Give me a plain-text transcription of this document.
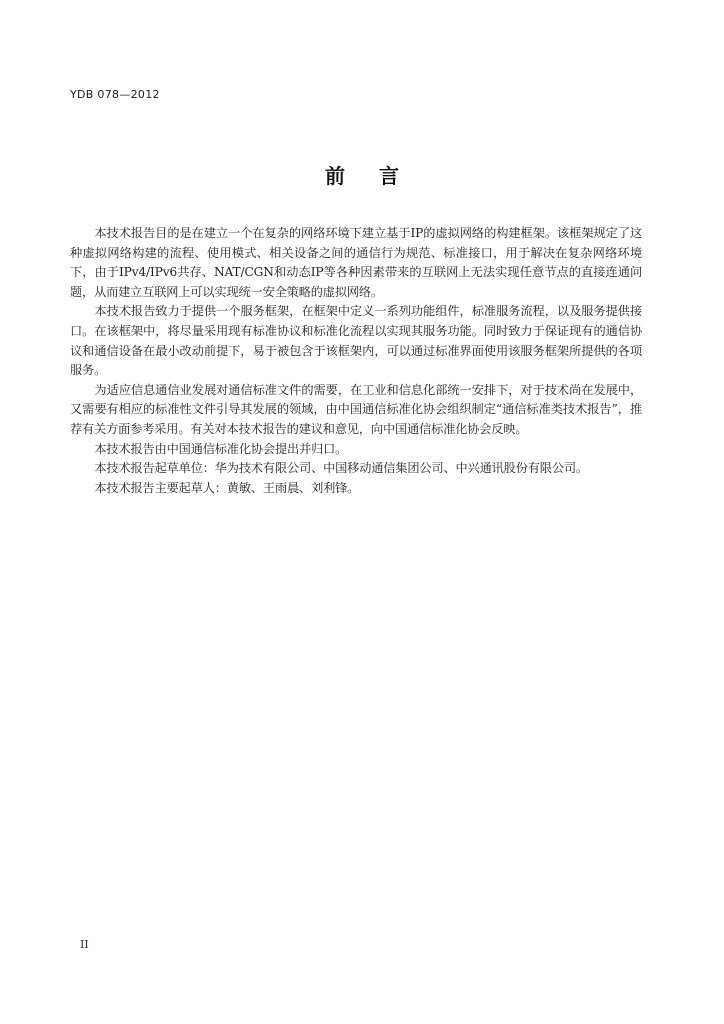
YDB 078—2012
前言

本技术报告目的是在建立一个在复杂的网络环境下建立基于IP的虚拟网络的构建框架。该框架规定了这种虚拟网络构建的流程、使用模式、相关设备之间的通信行为规范、标准接口，用于解决在复杂网络环境下，由于IPv4/IPv6共存、NAT/CGN和动态IP等各种因素带来的互联网上无法实现任意节点的直接连通问题，从而建立互联网上可以实现统一安全策略的虚拟网络。

本技术报告致力于提供一个服务框架，在框架中定义一系列功能组件，标准服务流程，以及服务提供接口。在该框架中，将尽量采用现有标准协议和标准化流程以实现其服务功能。同时致力于保证现有的通信协议和通信设备在最小改动前提下，易于被包含于该框架内，可以通过标准界面使用该服务框架所提供的各项服务。

为适应信息通信业发展对通信标准文件的需要，在工业和信息化部统一安排下，对于技术尚在发展中，又需要有相应的标准性文件引导其发展的领域，由中国通信标准化协会组织制定“通信标准类技术报告”，推荐有关方面参考采用。有关对本技术报告的建议和意见，向中国通信标准化协会反映。

本技术报告由中国通信标准化协会提出并归口。

本技术报告起草单位：华为技术有限公司、中国移动通信集团公司、中兴通讯股份有限公司。

本技术报告主要起草人：黄敏、王雨晨、刘利锋。

II
